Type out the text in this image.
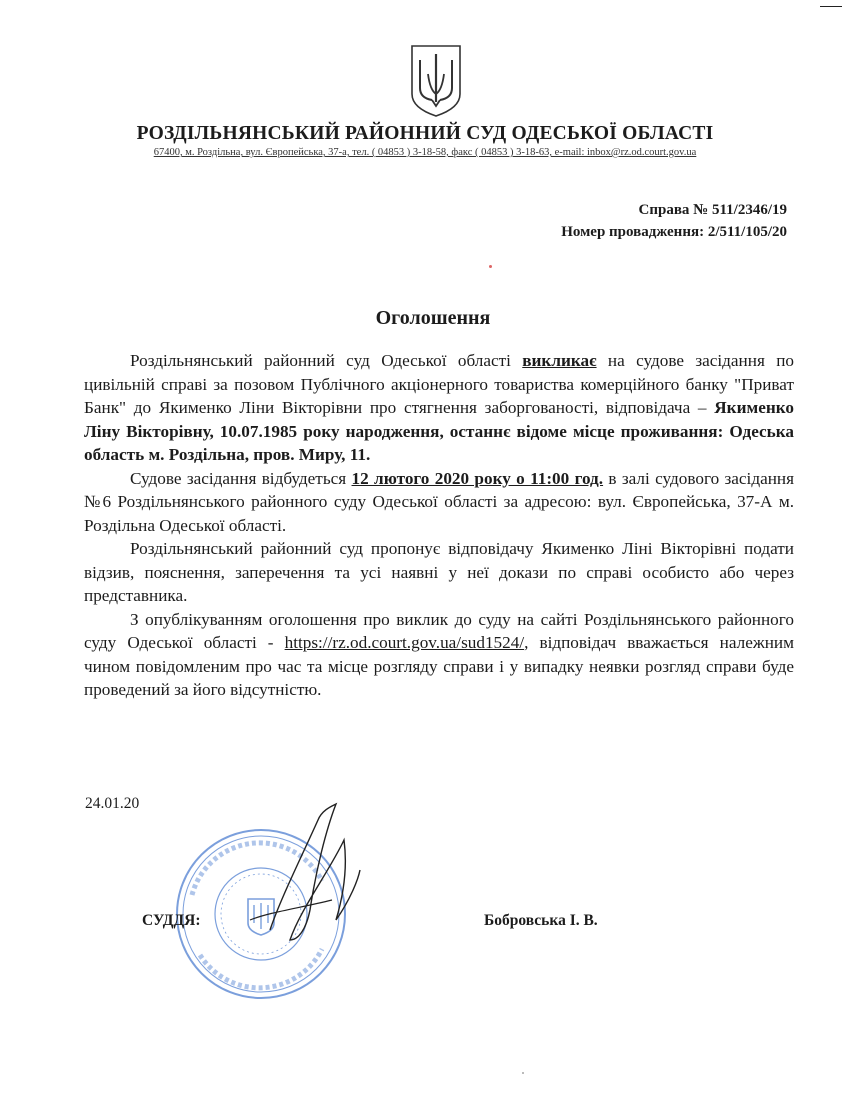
РОЗДІЛЬНЯНСЬКИЙ РАЙОННИЙ СУД ОДЕСЬКОЇ ОБЛАСТІ
67400, м. Роздільна, вул. Європейська, 37-а, тел. ( 04853 ) 3-18-58, факс ( 04853 ) 3-18-63, e-mail: inbox@rz.od.court.gov.ua
Справа № 511/2346/19
Номер провадження: 2/511/105/20
Оголошення

Роздільнянський районний суд Одеської області викликає на судове засідання по цивільній справі за позовом Публічного акціонерного товариства комерційного банку "Приват Банк" до Якименко Ліни Вікторівни про стягнення заборгованості, відповідача – Якименко Ліну Вікторівну, 10.07.1985 року народження, останнє відоме місце проживання: Одеська область м. Роздільна, пров. Миру, 11.

Судове засідання відбудеться 12 лютого 2020 року о 11:00 год. в залі судового засідання №6 Роздільнянського районного суду Одеської області за адресою: вул. Європейська, 37-А м. Роздільна Одеської області.

Роздільнянський районний суд пропонує відповідачу Якименко Ліні Вікторівні подати відзив, пояснення, заперечення та усі наявні у неї докази по справі особисто або через представника.

З опублікуванням оголошення про виклик до суду на сайті Роздільнянського районного суду Одеської області - https://rz.od.court.gov.ua/sud1524/, відповідач вважається належним чином повідомленим про час та місце розгляду справи і у випадку неявки розгляд справи буде проведений за його відсутністю.

24.01.20
СУДДЯ:	Бобровська І. В.
